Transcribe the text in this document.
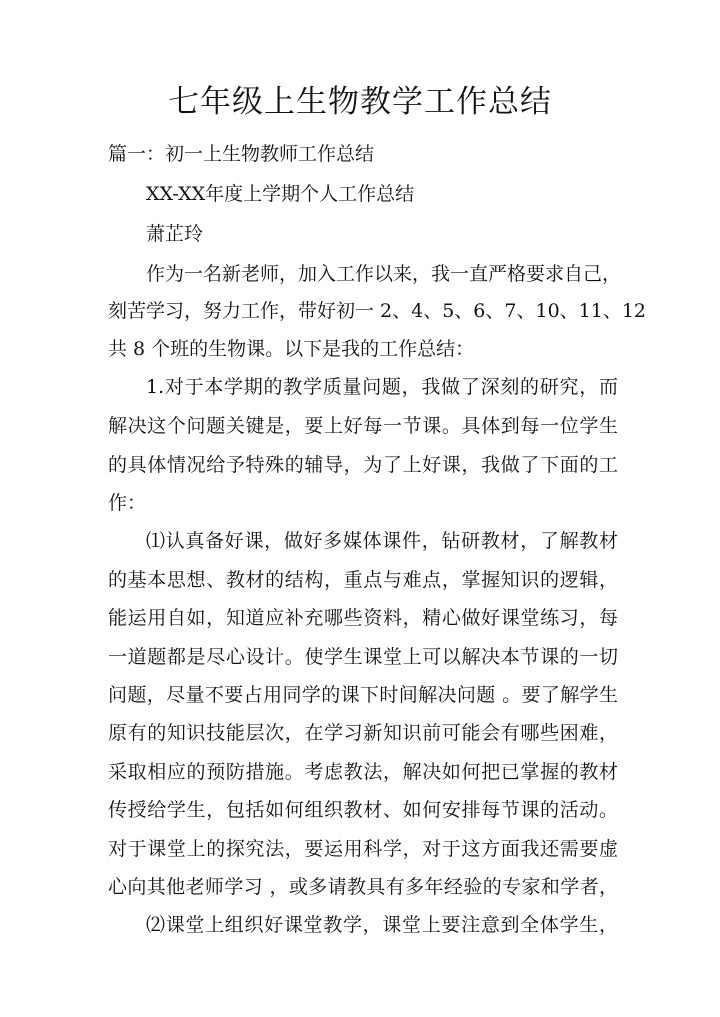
七年级上生物教学工作总结

篇一：初一上生物教师工作总结

XX-XX年度上学期个人工作总结

萧芷玲

作为一名新老师，加入工作以来，我一直严格要求自己，

刻苦学习，努力工作，带好初一 2、4、5、6、7、10、11、12

共 8 个班的生物课。以下是我的工作总结：

1.对于本学期的教学质量问题，我做了深刻的研究，而

解决这个问题关键是，要上好每一节课。具体到每一位学生

的具体情况给予特殊的辅导，为了上好课，我做了下面的工

作：

⑴认真备好课，做好多媒体课件，钻研教材，了解教材

的基本思想、教材的结构，重点与难点，掌握知识的逻辑，

能运用自如，知道应补充哪些资料，精心做好课堂练习，每

一道题都是尽心设计。使学生课堂上可以解决本节课的一切

问题，尽量不要占用同学的课下时间解决问题 。要了解学生

原有的知识技能层次，在学习新知识前可能会有哪些困难，

采取相应的预防措施。考虑教法，解决如何把已掌握的教材

传授给学生，包括如何组织教材、如何安排每节课的活动。

对于课堂上的探究法，要运用科学，对于这方面我还需要虚

心向其他老师学习 ，或多请教具有多年经验的专家和学者，

⑵课堂上组织好课堂教学，课堂上要注意到全体学生，
